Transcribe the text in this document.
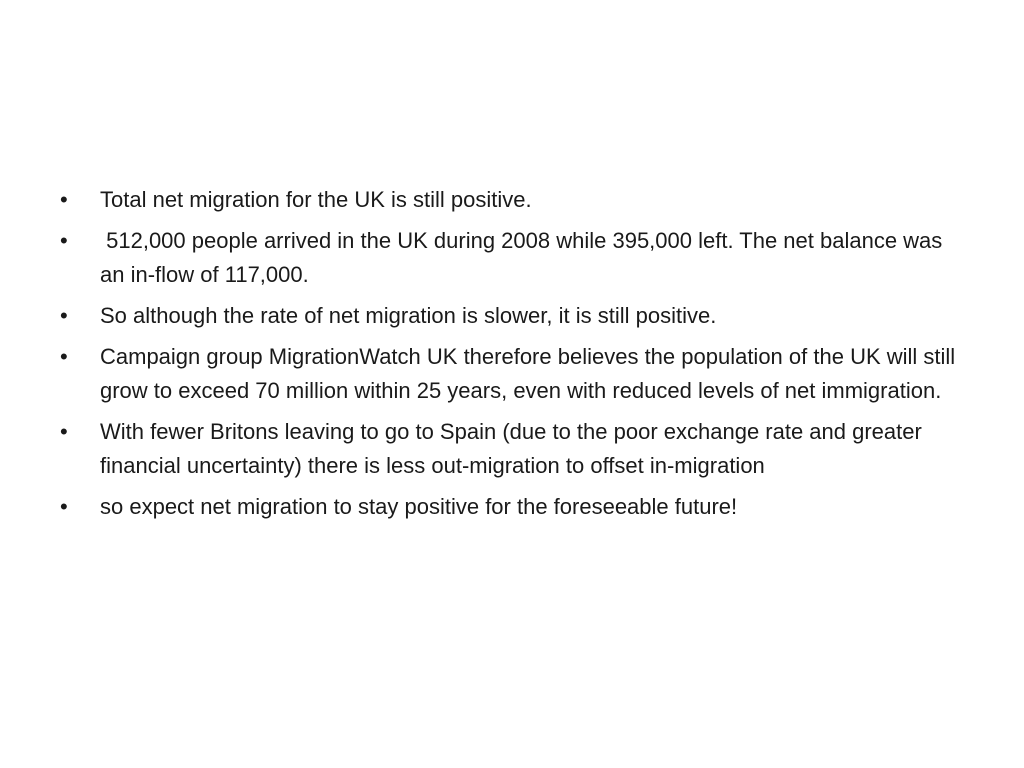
•	Total net migration for the UK is still positive.
•	512,000 people arrived in the UK during 2008 while 395,000 left. The net balance was an in-flow of 117,000.
•	So although the rate of net migration is slower, it is still positive.
•	Campaign group MigrationWatch UK therefore believes the population of the UK will still grow to exceed 70 million within 25 years, even with reduced levels of net immigration.
•	With fewer Britons leaving to go to Spain (due to the poor exchange rate and greater financial uncertainty) there is less out-migration to offset in-migration
•	so expect net migration to stay positive for the foreseeable future!
